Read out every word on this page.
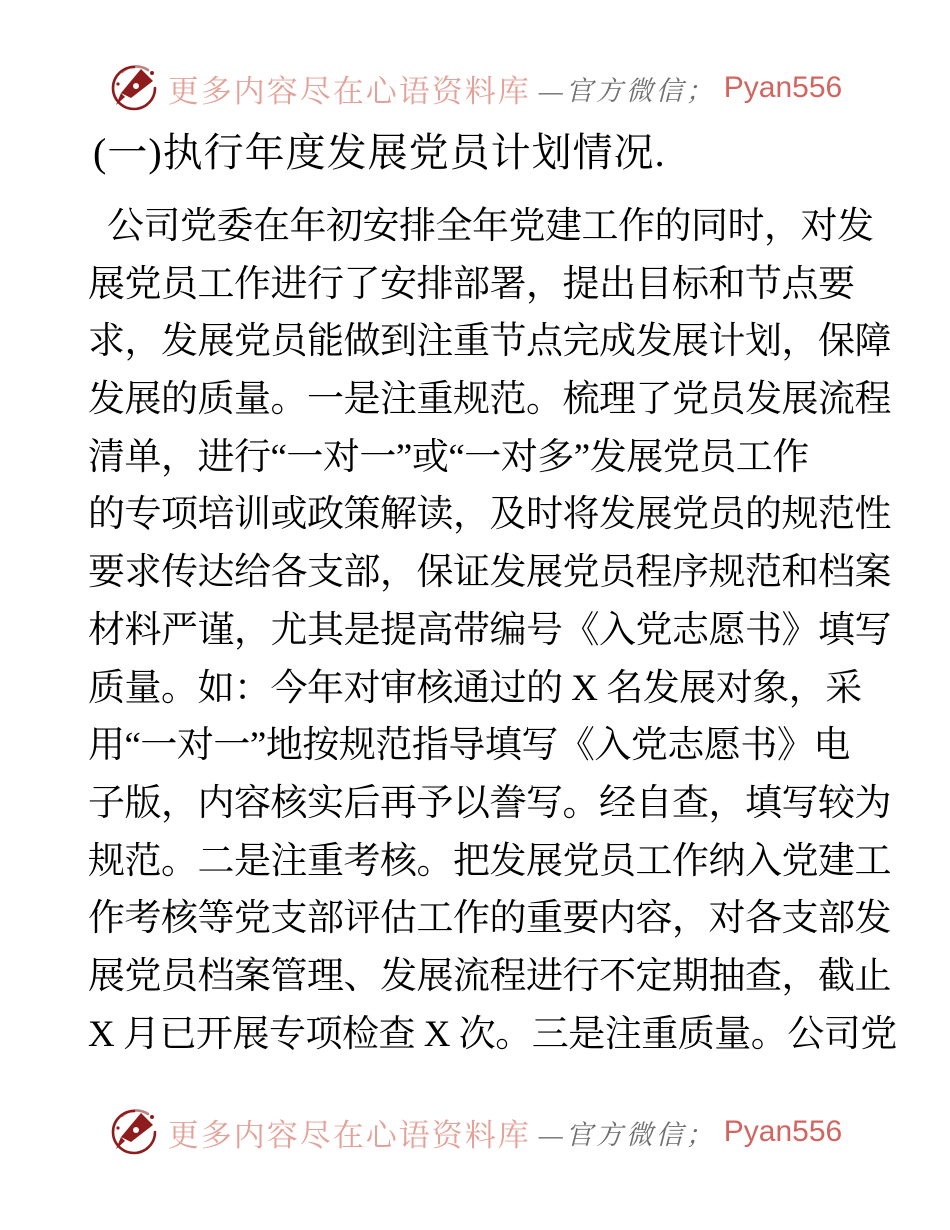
更多内容尽在心语资料库 —官方微信； Pyan556
(一)执行年度发展党员计划情况.
公司党委在年初安排全年党建工作的同时，对发
展党员工作进行了安排部署，提出目标和节点要
求，发展党员能做到注重节点完成发展计划，保障
发展的质量。一是注重规范。梳理了党员发展流程
清单，进行“一对一”或“一对多”发展党员工作
的专项培训或政策解读，及时将发展党员的规范性
要求传达给各支部，保证发展党员程序规范和档案
材料严谨，尤其是提高带编号《入党志愿书》填写
质量。如：今年对审核通过的 X 名发展对象，采
用“一对一”地按规范指导填写《入党志愿书》电
子版，内容核实后再予以誊写。经自查，填写较为
规范。二是注重考核。把发展党员工作纳入党建工
作考核等党支部评估工作的重要内容，对各支部发
展党员档案管理、发展流程进行不定期抽查，截止
X 月已开展专项检查 X 次。三是注重质量。公司党
更多内容尽在心语资料库 —官方微信； Pyan556
